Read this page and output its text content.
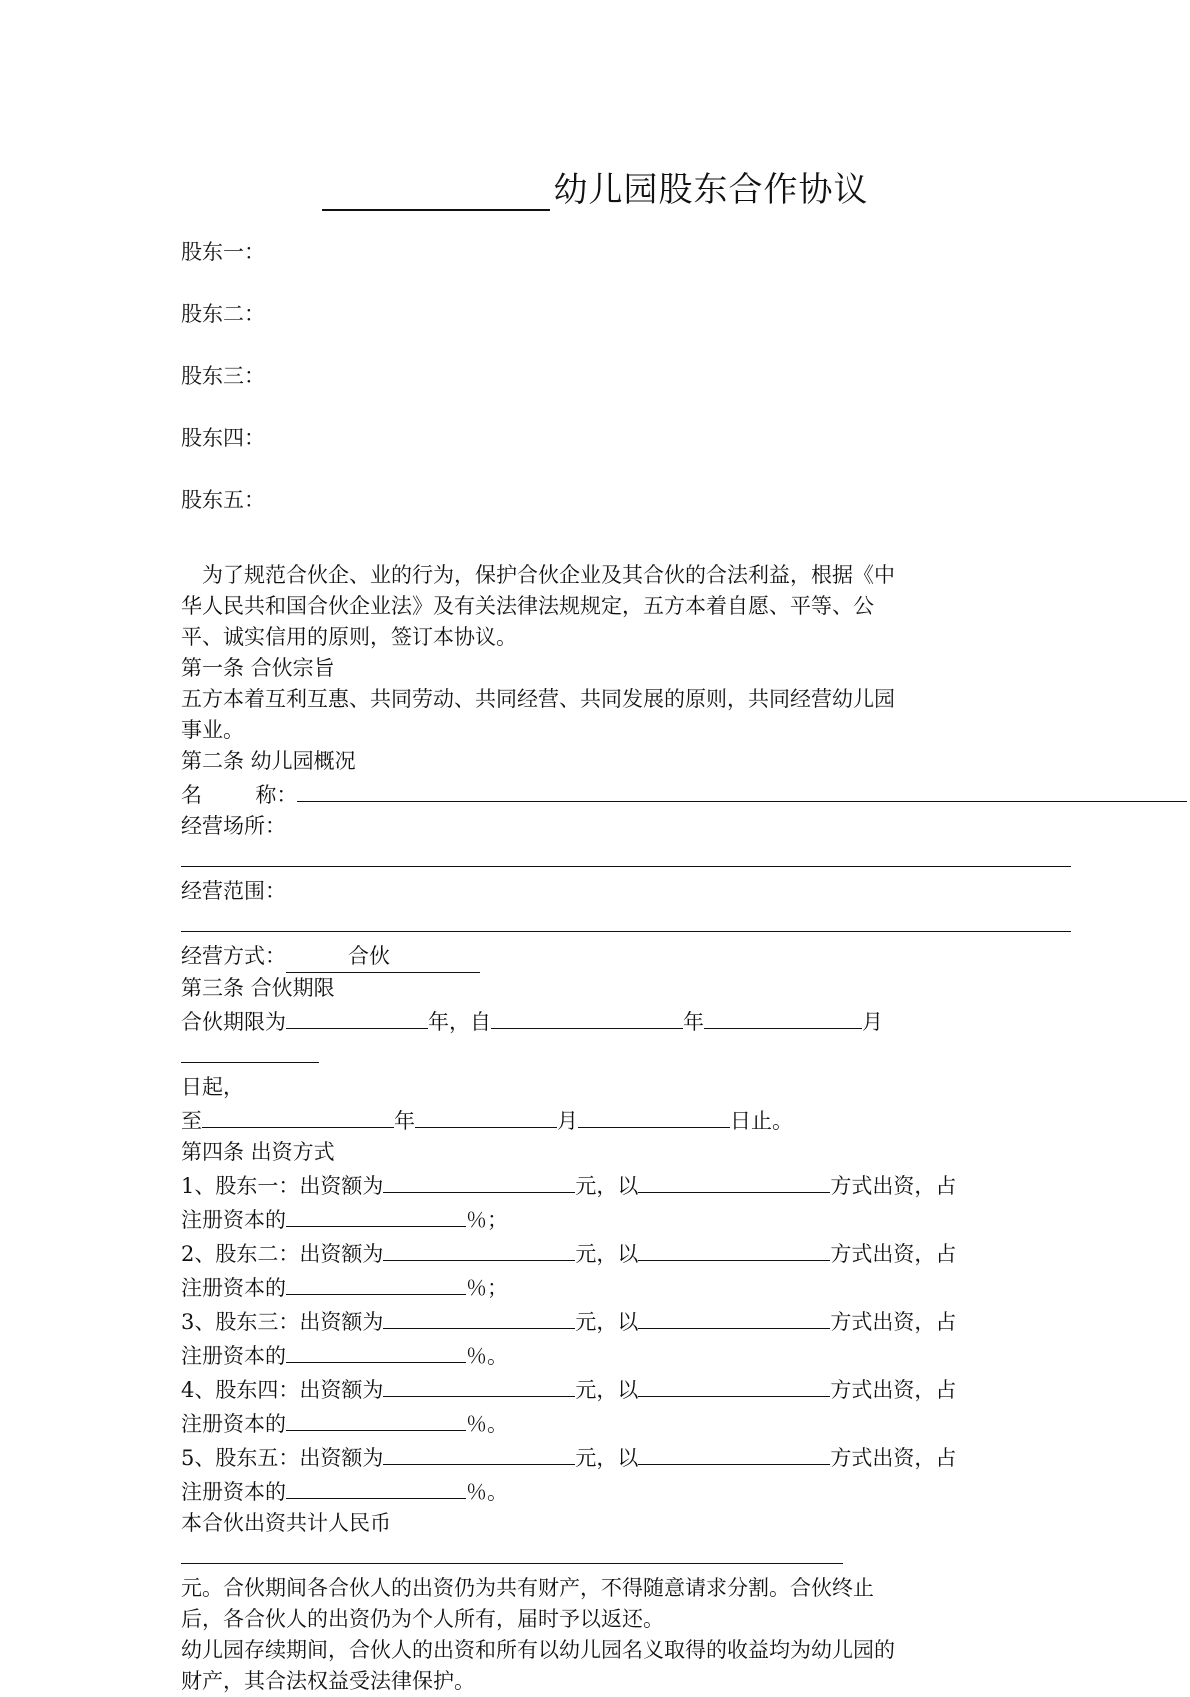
幼儿园股东合作协议
股东一：
股东二：
股东三：
股东四：
股东五：

为了规范合伙企、业的行为，保护合伙企业及其合伙的合法利益，根据《中

华人民共和国合伙企业法》及有关法律法规规定，五方本着自愿、平等、公

平、诚实信用的原则，签订本协议。

第一条 合伙宗旨

五方本着互利互惠、共同劳动、共同经营、共同发展的原则，共同经营幼儿园

事业。

第二条 幼儿园概况

名        称：

经营场所：

经营范围：

经营方式：	合伙

第三条 合伙期限

合伙期限为	年，自	年	月

日起，

至	年	月	日止。

第四条 出资方式

1、股东一：出资额为	元，以	方式出资，占

注册资本的	％；

2、股东二：出资额为	元，以	方式出资，占

注册资本的	％；

3、股东三：出资额为	元，以	方式出资，占

注册资本的	％。

4、股东四：出资额为	元，以	方式出资，占

注册资本的	％。

5、股东五：出资额为	元，以	方式出资，占

注册资本的	％。

本合伙出资共计人民币

元。合伙期间各合伙人的出资仍为共有财产，不得随意请求分割。合伙终止

后，各合伙人的出资仍为个人所有，届时予以返还。

幼儿园存续期间，合伙人的出资和所有以幼儿园名义取得的收益均为幼儿园的

财产，其合法权益受法律保护。
